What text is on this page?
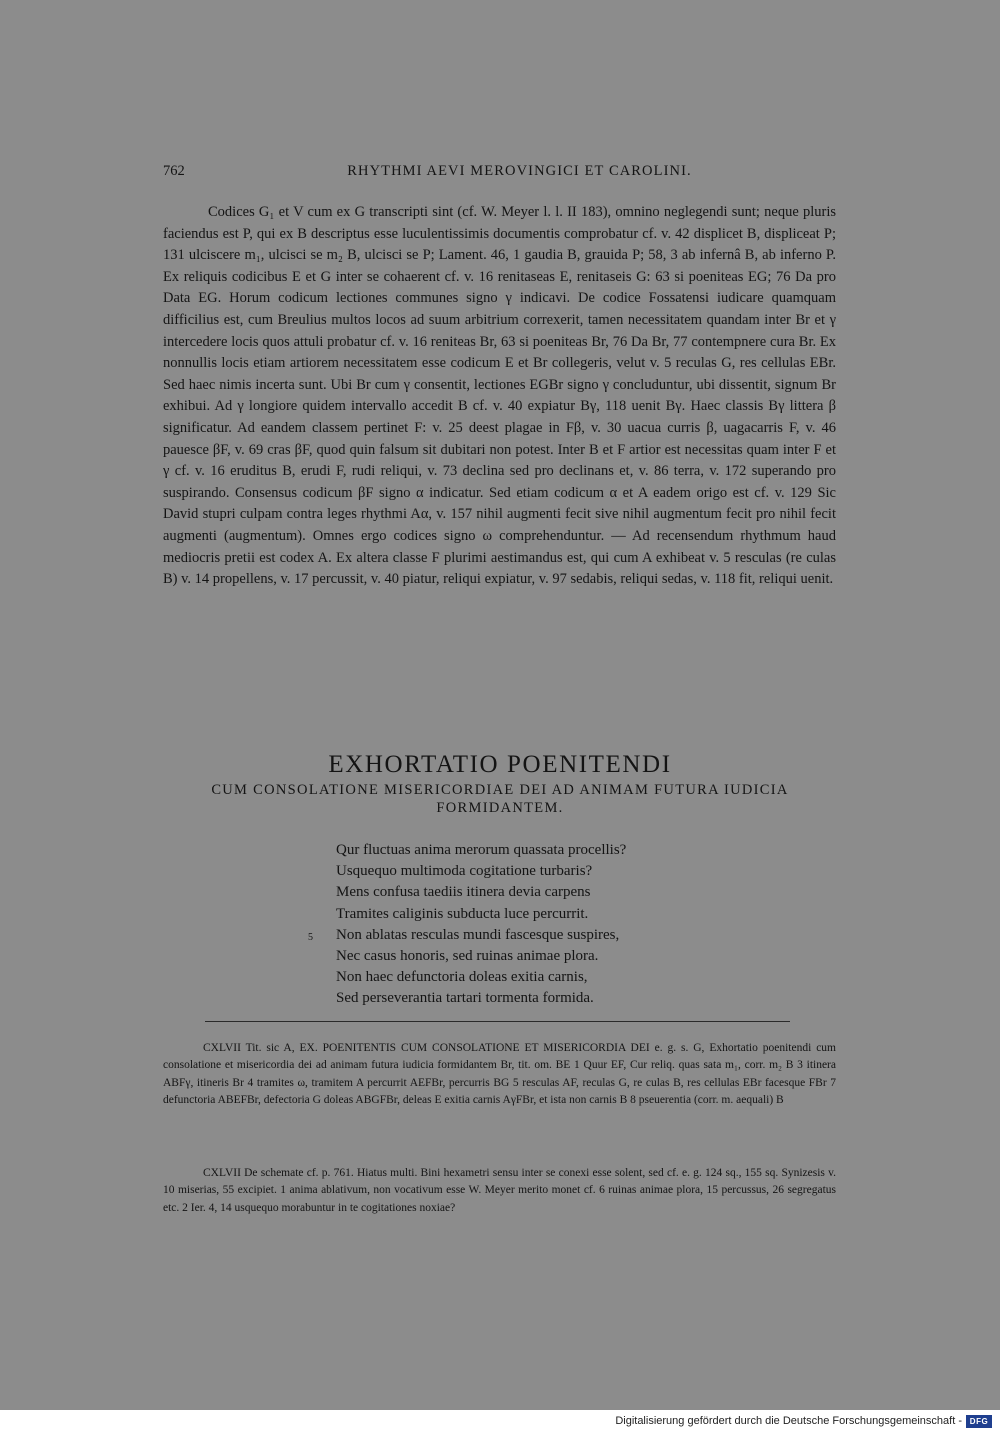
762	RHYTHMI AEVI MEROVINGICI ET CAROLINI.

Codices G₁ et V cum ex G transcripti sint (cf. W. Meyer l. l. II 183), omnino neglegendi sunt; neque pluris faciendus est P, qui ex B descriptus esse luculentissimis documentis comprobatur cf. v. 42 displicet B, displiceat P; 131 ulciscere m₁, ulcisci se m₂ B, ulcisci se P; Lament. 46, 1 gaudia B, grauida P; 58, 3 ab infernâ B, ab inferno P. Ex reliquis codicibus E et G inter se cohaerent cf. v. 16 renitaseas E, renitaseis G: 63 si poeniteas EG; 76 Da pro Data EG. Horum codicum lectiones communes signo γ indicavi. De codice Fossatensi iudicare quamquam difficilius est, cum Breulius multos locos ad suum arbitrium correxerit, tamen necessitatem quandam inter Br et γ intercedere locis quos attuli probatur cf. v. 16 reniteas Br, 63 si poeniteas Br, 76 Da Br, 77 contempnere cura Br. Ex nonnullis locis etiam artiorem necessitatem esse codicum E et Br collegeris, velut v. 5 reculas G, res cellulas EBr. Sed haec nimis incerta sunt. Ubi Br cum γ consentit, lectiones EGBr signo γ concluduntur, ubi dissentit, signum Br exhibui. Ad γ longiore quidem intervallo accedit B cf. v. 40 expiatur Bγ, 118 uenit Bγ. Haec classis Bγ littera β significatur. Ad eandem classem pertinet F: v. 25 deest plagae in Fβ, v. 30 uacua curris β, uagacarris F, v. 46 pauesce βF, v. 69 cras βF, quod quin falsum sit dubitari non potest. Inter B et F artior est necessitas quam inter F et γ cf. v. 16 eruditus B, erudi F, rudi reliqui, v. 73 declina sed pro declinans et, v. 86 terra, v. 172 superando pro suspirando. Consensus codicum βF signo α indicatur. Sed etiam codicum α et A eadem origo est cf. v. 129 Sic David stupri culpam contra leges rhythmi Aα, v. 157 nihil augmenti fecit sive nihil augmentum fecit pro nihil fecit augmenti (augmentum). Omnes ergo codices signo ω comprehenduntur. — Ad recensendum rhythmum haud mediocris pretii est codex A. Ex altera classe F plurimi aestimandus est, qui cum A exhibeat v. 5 resculas (re culas B) v. 14 propellens, v. 17 percussit, v. 40 piatur, reliqui expiatur, v. 97 sedabis, reliqui sedas, v. 118 fit, reliqui uenit.

EXHORTATIO POENITENDI
CUM CONSOLATIONE MISERICORDIAE DEI AD ANIMAM FUTURA IUDICIA
FORMIDANTEM.
Qur fluctuas anima merorum quassata procellis?
Usquequo multimoda cogitatione turbaris?
Mens confusa taediis itinera devia carpens
Tramites caliginis subducta luce percurrit.
5 Non ablatas resculas mundi fascesque suspires,
Nec casus honoris, sed ruinas animae plora.
Non haec defunctoria doleas exitia carnis,
Sed perseverantia tartari tormenta formida.

CXLVII Tit. sic A, EX. POENITENTIS CUM CONSOLATIONE ET MISERICORDIA DEI e. g. s. G, Exhortatio poenitendi cum consolatione et misericordia dei ad animam futura iudicia formidantem Br, tit. om. BE 1 Quur EF, Cur reliq. quas sata m₁, corr. m₂ B 3 itinera ABFγ, itineris Br 4 tramites ω, tramitem A percurrit AEFBr, percurris BG 5 resculas AF, reculas G, re culas B, res cellulas EBr facesque FBr 7 defunctoria ABEFBr, defectoria G doleas ABGFBr, deleas E exitia carnis AγFBr, et ista non carnis B 8 pseuerentia (corr. m. aequali) B

CXLVII De schemate cf. p. 761. Hiatus multi. Bini hexametri sensu inter se conexi esse solent, sed cf. e. g. 124 sq., 155 sq. Synizesis v. 10 miserias, 55 excipiet. 1 anima ablativum, non vocativum esse W. Meyer merito monet cf. 6 ruinas animae plora, 15 percussus, 26 segregatus etc. 2 Ier. 4, 14 usquequo morabuntur in te cogitationes noxiae?

Digitalisierung gefördert durch die Deutsche Forschungsgemeinschaft - DFG
